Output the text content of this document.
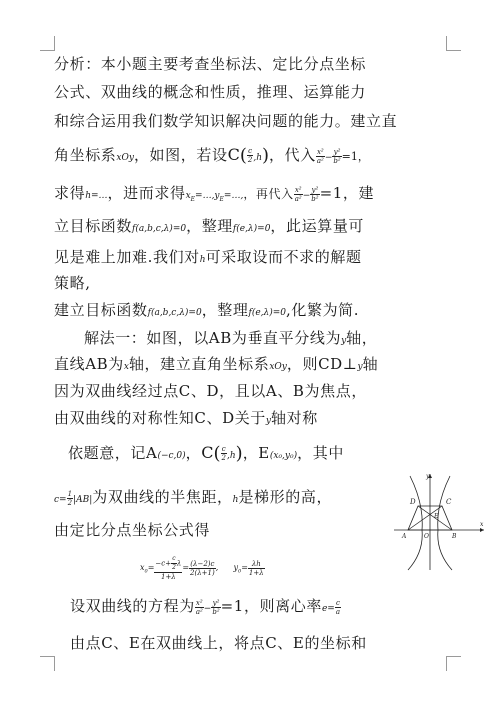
分析：本小题主要考查坐标法、定比分点坐标
公式、双曲线的概念和性质，推理、运算能力
和综合运用我们数学知识解决问题的能力。建立直
角坐标系xOy，如图，若设$C( \frac{c}{2} ,h)$，代入 $\frac{\text{x²}}{\text{a²}} - \frac{\text{y²}}{\text{b²}} =1$，
求得h=…，进而求得$x_E=\dots,y_E=\dots$,，再代入 $\frac{\text{x²}}{\text{a²}} - \frac{\text{y²}}{\text{b²}} =1$，建
立目标函数f(a,b,c,λ)=0，整理f(e,λ)=0，此运算量可
见是难上加难.我们对h可采取设而不求的解题
策略,
建立目标函数f(a,b,c,λ)=0，整理f(e,λ)=0,化繁为简.
解法一：如图，以AB为垂直平分线为y轴，
直线AB为x轴，建立直角坐标系xOy，则CD⊥y轴
因为双曲线经过点C、D，且以A、B为焦点，
由双曲线的对称性知C、D关于y轴对称
依题意，记A(−c,0)，$C( \frac{c}{2} ,h)$，E(x₀,y₀)，其中
$c= \frac{1}{2} |AB|$为双曲线的半焦距，h是梯形的高，
由定比分点坐标公式得
$x_0= \frac{-c+ \frac{c}{2} \lambda}{1+\lambda} = \frac{(\lambda-2)c}{2(\lambda+1)}$ ,      $y_0= \frac{\lambda h}{1+\lambda}$
设双曲线的方程为 $\frac{\text{x²}}{\text{a²}} - \frac{\text{y²}}{\text{b²}} =1$，则离心率$e= \frac{c}{a}$
由点C、E在双曲线上，将点C、E的坐标和
y
x
D	C
E
A	O	B
